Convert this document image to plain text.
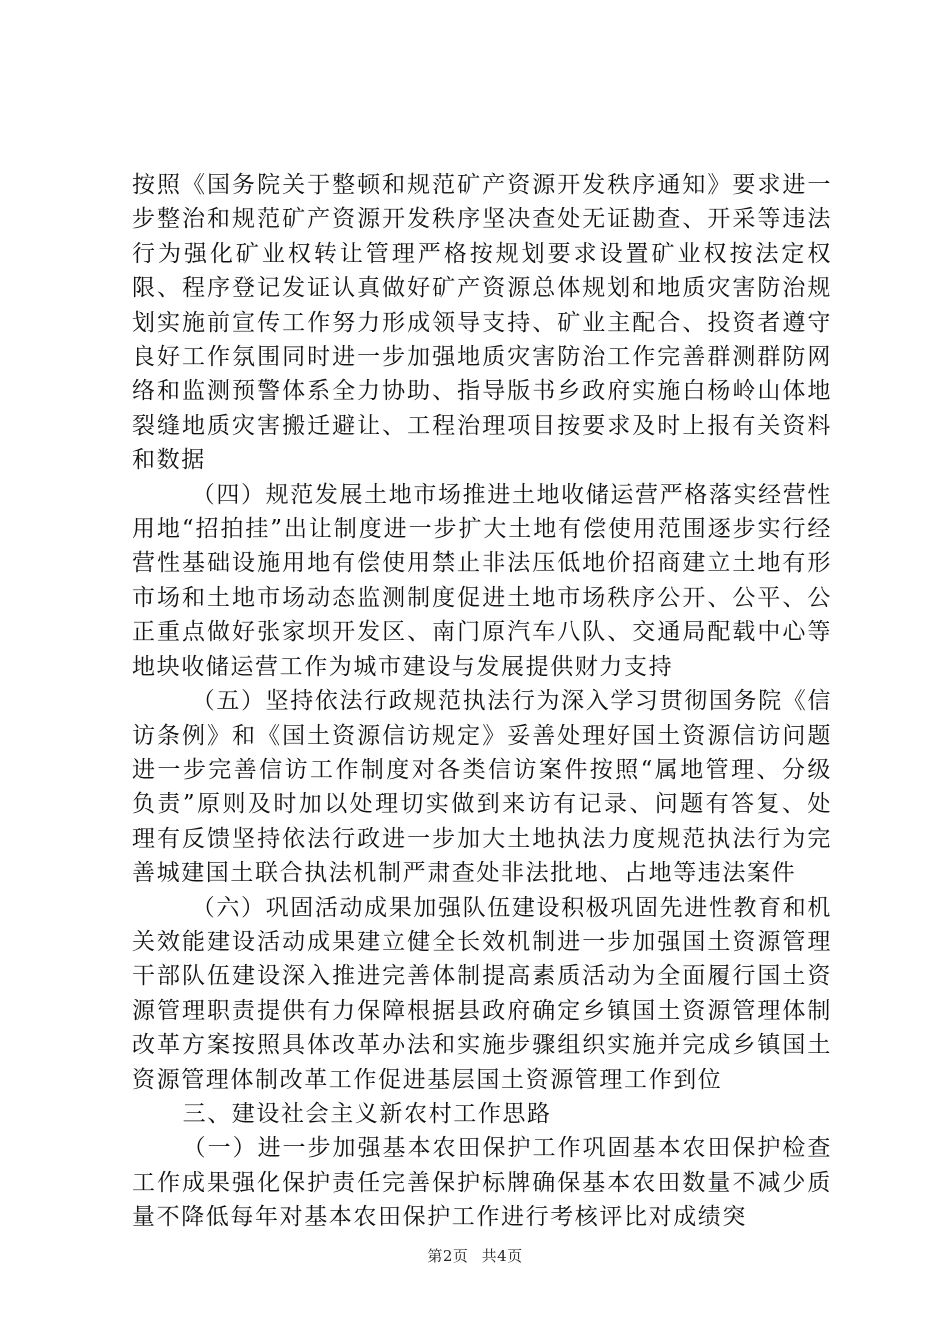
按照《国务院关于整顿和规范矿产资源开发秩序通知》要求进一步整治和规范矿产资源开发秩序坚决查处无证勘查、开采等违法行为强化矿业权转让管理严格按规划要求设置矿业权按法定权限、程序登记发证认真做好矿产资源总体规划和地质灾害防治规划实施前宣传工作努力形成领导支持、矿业主配合、投资者遵守良好工作氛围同时进一步加强地质灾害防治工作完善群测群防网络和监测预警体系全力协助、指导版书乡政府实施白杨岭山体地裂缝地质灾害搬迁避让、工程治理项目按要求及时上报有关资料和数据

（四）规范发展土地市场推进土地收储运营严格落实经营性用地“招拍挂”出让制度进一步扩大土地有偿使用范围逐步实行经营性基础设施用地有偿使用禁止非法压低地价招商建立土地有形市场和土地市场动态监测制度促进土地市场秩序公开、公平、公正重点做好张家坝开发区、南门原汽车八队、交通局配载中心等地块收储运营工作为城市建设与发展提供财力支持

（五）坚持依法行政规范执法行为深入学习贯彻国务院《信访条例》和《国土资源信访规定》妥善处理好国土资源信访问题进一步完善信访工作制度对各类信访案件按照“属地管理、分级负责”原则及时加以处理切实做到来访有记录、问题有答复、处理有反馈坚持依法行政进一步加大土地执法力度规范执法行为完善城建国土联合执法机制严肃查处非法批地、占地等违法案件

（六）巩固活动成果加强队伍建设积极巩固先进性教育和机关效能建设活动成果建立健全长效机制进一步加强国土资源管理干部队伍建设深入推进完善体制提高素质活动为全面履行国土资源管理职责提供有力保障根据县政府确定乡镇国土资源管理体制改革方案按照具体改革办法和实施步骤组织实施并完成乡镇国土资源管理体制改革工作促进基层国土资源管理工作到位

三、建设社会主义新农村工作思路

（一）进一步加强基本农田保护工作巩固基本农田保护检查工作成果强化保护责任完善保护标牌确保基本农田数量不减少质量不降低每年对基本农田保护工作进行考核评比对成绩突

第2页 共4页
